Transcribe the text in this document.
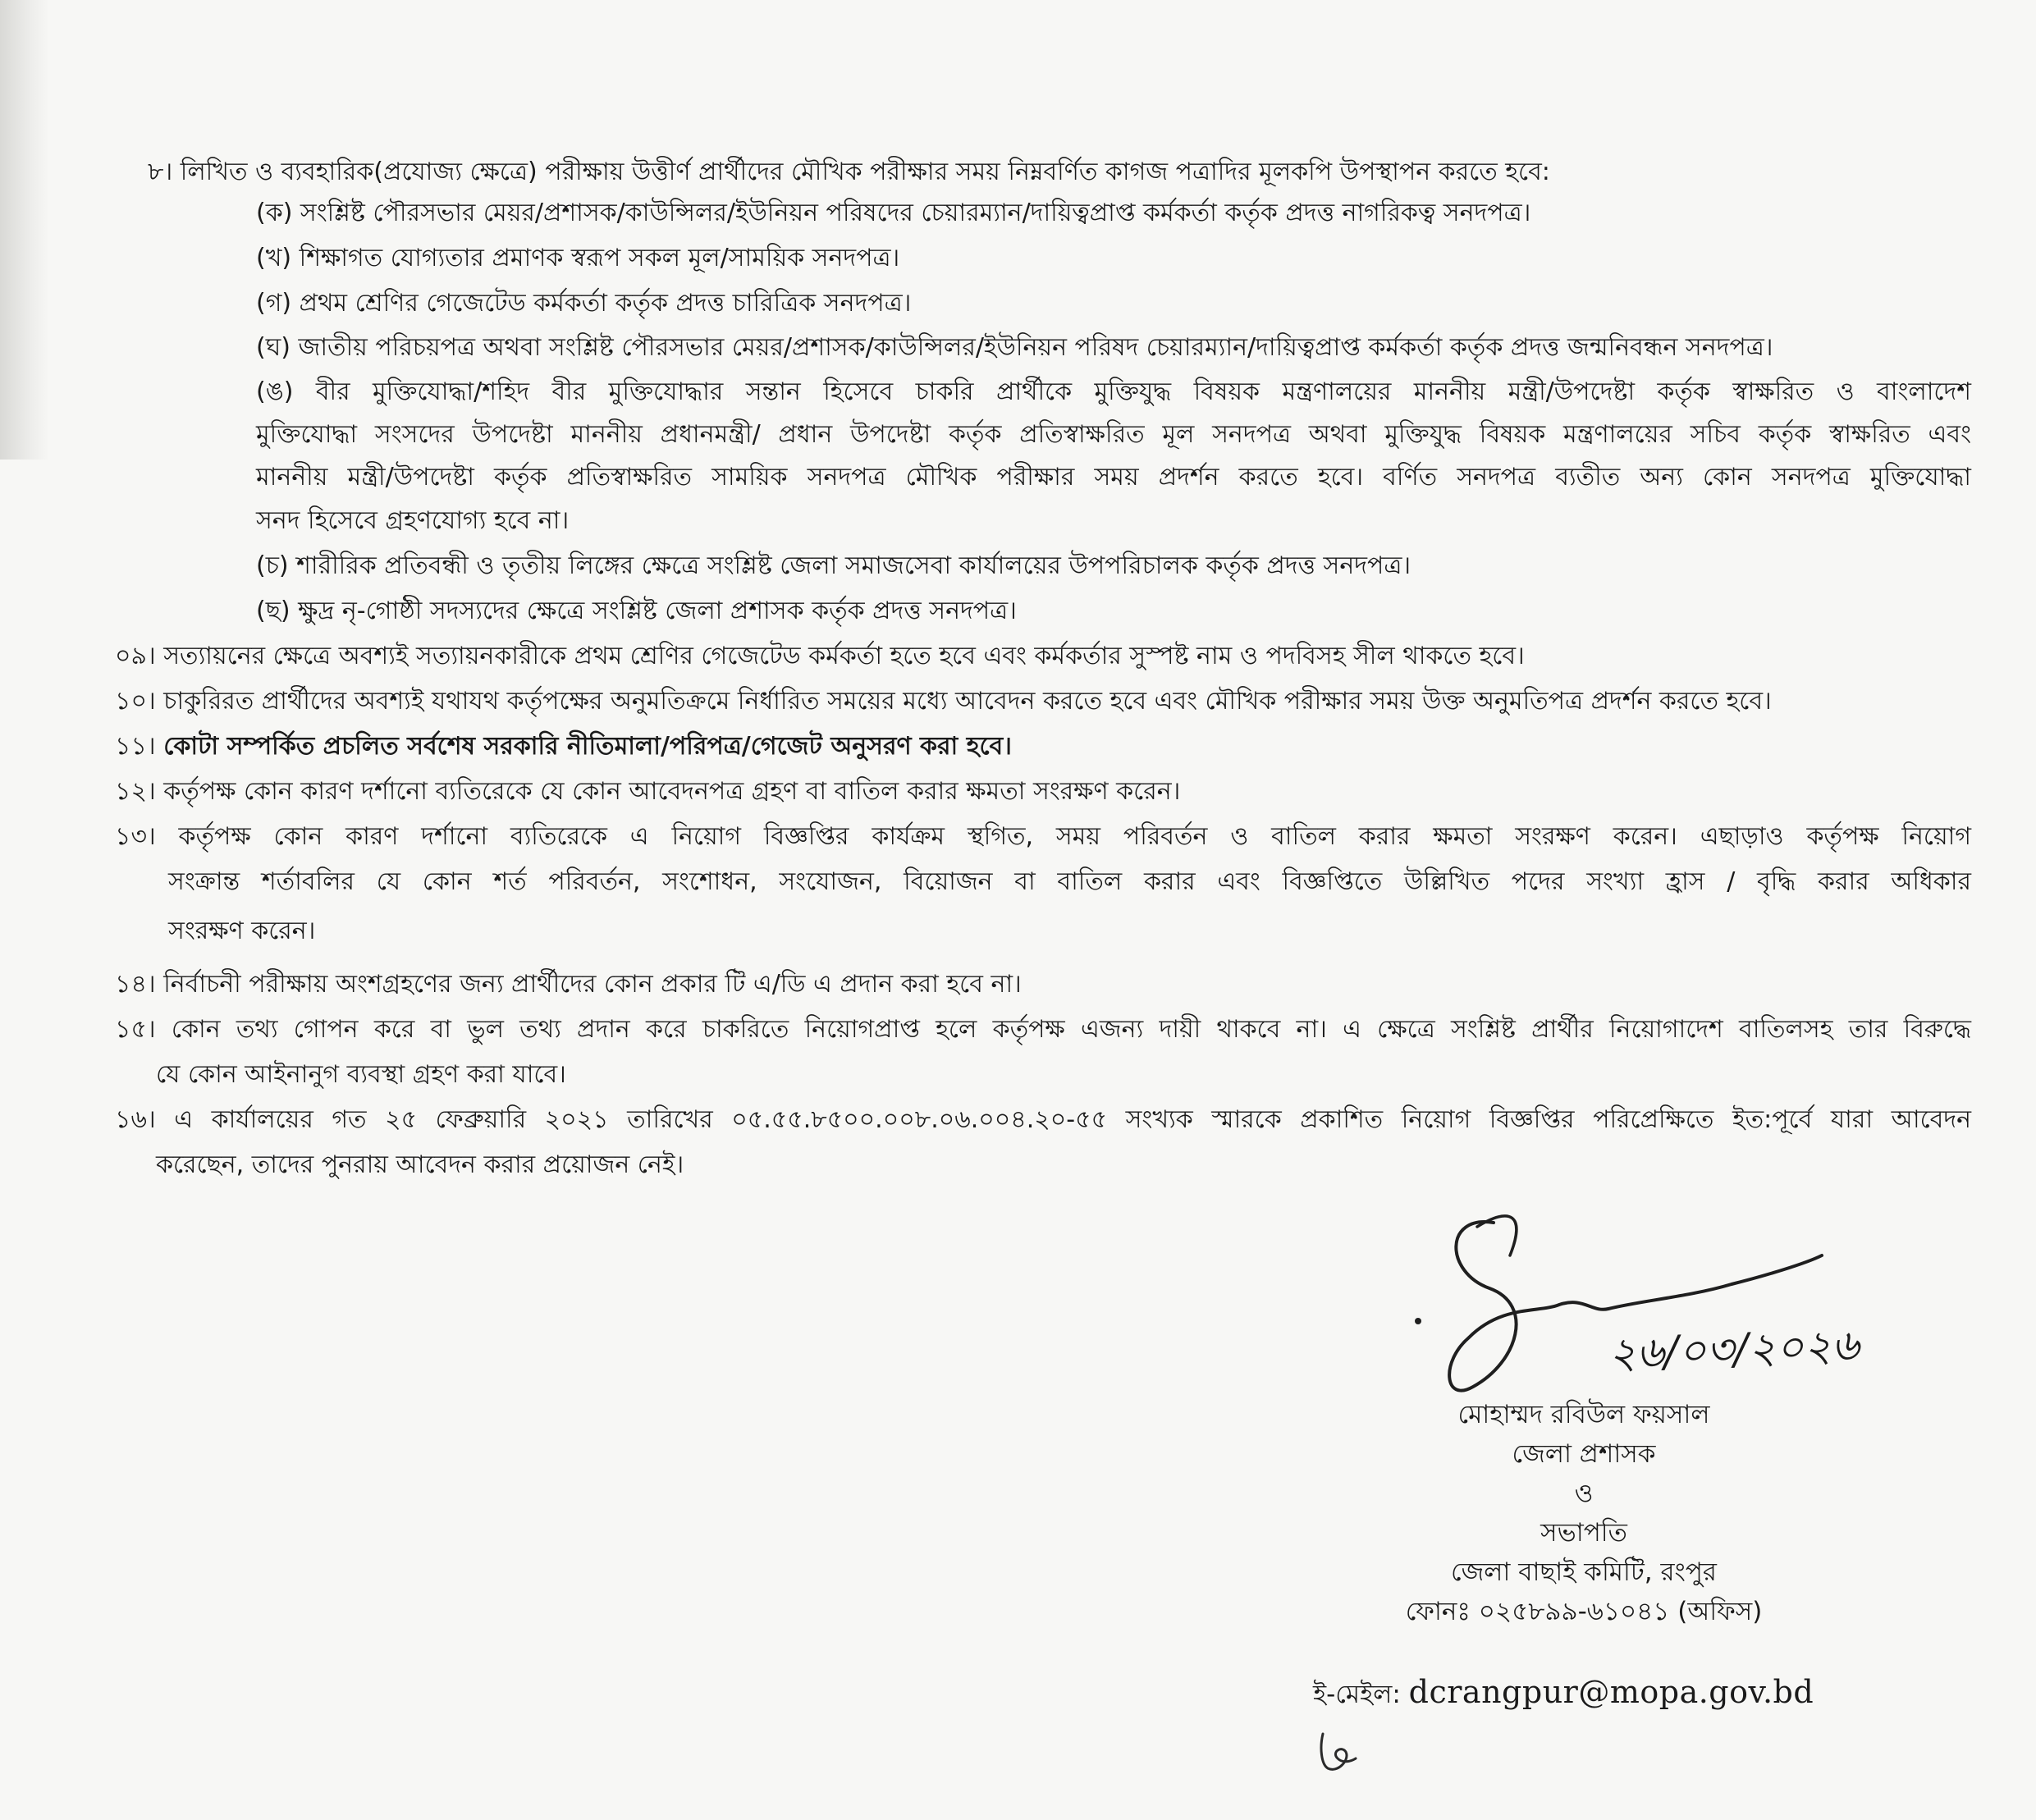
৮। লিখিত ও ব্যবহারিক(প্রযোজ্য ক্ষেত্রে) পরীক্ষায় উত্তীর্ণ প্রার্থীদের মৌখিক পরীক্ষার সময় নিম্নবর্ণিত কাগজ পত্রাদির মূলকপি উপস্থাপন করতে হবে:
(ক) সংশ্লিষ্ট পৌরসভার মেয়র/প্রশাসক/কাউন্সিলর/ইউনিয়ন পরিষদের চেয়ারম্যান/দায়িত্বপ্রাপ্ত কর্মকর্তা কর্তৃক প্রদত্ত নাগরিকত্ব সনদপত্র।
(খ) শিক্ষাগত যোগ্যতার প্রমাণক স্বরূপ সকল মূল/সাময়িক সনদপত্র।
(গ) প্রথম শ্রেণির গেজেটেড কর্মকর্তা কর্তৃক প্রদত্ত চারিত্রিক সনদপত্র।
(ঘ) জাতীয় পরিচয়পত্র অথবা সংশ্লিষ্ট পৌরসভার মেয়র/প্রশাসক/কাউন্সিলর/ইউনিয়ন পরিষদ চেয়ারম্যান/দায়িত্বপ্রাপ্ত কর্মকর্তা কর্তৃক প্রদত্ত জন্মনিবন্ধন সনদপত্র।
(ঙ) বীর মুক্তিযোদ্ধা/শহিদ বীর মুক্তিযোদ্ধার সন্তান হিসেবে চাকরি প্রার্থীকে মুক্তিযুদ্ধ বিষয়ক মন্ত্রণালয়ের মাননীয় মন্ত্রী/উপদেষ্টা কর্তৃক স্বাক্ষরিত ও বাংলাদেশ
মুক্তিযোদ্ধা সংসদের উপদেষ্টা মাননীয় প্রধানমন্ত্রী/ প্রধান উপদেষ্টা কর্তৃক প্রতিস্বাক্ষরিত মূল সনদপত্র অথবা মুক্তিযুদ্ধ বিষয়ক মন্ত্রণালয়ের সচিব কর্তৃক স্বাক্ষরিত এবং
মাননীয় মন্ত্রী/উপদেষ্টা কর্তৃক প্রতিস্বাক্ষরিত সাময়িক সনদপত্র মৌখিক পরীক্ষার সময় প্রদর্শন করতে হবে। বর্ণিত সনদপত্র ব্যতীত অন্য কোন সনদপত্র মুক্তিযোদ্ধা
সনদ হিসেবে গ্রহণযোগ্য হবে না।
(চ) শারীরিক প্রতিবন্ধী ও তৃতীয় লিঙ্গের ক্ষেত্রে সংশ্লিষ্ট জেলা সমাজসেবা কার্যালয়ের উপপরিচালক কর্তৃক প্রদত্ত সনদপত্র।
(ছ) ক্ষুদ্র নৃ-গোষ্ঠী সদস্যদের ক্ষেত্রে সংশ্লিষ্ট জেলা প্রশাসক কর্তৃক প্রদত্ত সনদপত্র।
০৯। সত্যায়নের ক্ষেত্রে অবশ্যই সত্যায়নকারীকে প্রথম শ্রেণির গেজেটেড কর্মকর্তা হতে হবে এবং কর্মকর্তার সুস্পষ্ট নাম ও পদবিসহ সীল থাকতে হবে।
১০। চাকুরিরত প্রার্থীদের অবশ্যই যথাযথ কর্তৃপক্ষের অনুমতিক্রমে নির্ধারিত সময়ের মধ্যে আবেদন করতে হবে এবং মৌখিক পরীক্ষার সময় উক্ত অনুমতিপত্র প্রদর্শন করতে হবে।
১১। কোটা সম্পর্কিত প্রচলিত সর্বশেষ সরকারি নীতিমালা/পরিপত্র/গেজেট অনুসরণ করা হবে।
১২। কর্তৃপক্ষ কোন কারণ দর্শানো ব্যতিরেকে যে কোন আবেদনপত্র গ্রহণ বা বাতিল করার ক্ষমতা সংরক্ষণ করেন।
১৩। কর্তৃপক্ষ কোন কারণ দর্শানো ব্যতিরেকে এ নিয়োগ বিজ্ঞপ্তির কার্যক্রম স্থগিত, সময় পরিবর্তন ও বাতিল করার ক্ষমতা সংরক্ষণ করেন। এছাড়াও কর্তৃপক্ষ নিয়োগ
সংক্রান্ত শর্তাবলির যে কোন শর্ত পরিবর্তন, সংশোধন, সংযোজন, বিয়োজন বা বাতিল করার এবং বিজ্ঞপ্তিতে উল্লিখিত পদের সংখ্যা হ্রাস / বৃদ্ধি করার অধিকার
সংরক্ষণ করেন।
১৪। নির্বাচনী পরীক্ষায় অংশগ্রহণের জন্য প্রার্থীদের কোন প্রকার টি এ/ডি এ প্রদান করা হবে না।
১৫। কোন তথ্য গোপন করে বা ভুল তথ্য প্রদান করে চাকরিতে নিয়োগপ্রাপ্ত হলে কর্তৃপক্ষ এজন্য দায়ী থাকবে না। এ ক্ষেত্রে সংশ্লিষ্ট প্রার্থীর নিয়োগাদেশ বাতিলসহ তার বিরুদ্ধে
যে কোন আইনানুগ ব্যবস্থা গ্রহণ করা যাবে।
১৬। এ কার্যালয়ের গত ২৫ ফেব্রুয়ারি ২০২১ তারিখের ০৫.৫৫.৮৫০০.০০৮.০৬.০০৪.২০-৫৫ সংখ্যক স্মারকে প্রকাশিত নিয়োগ বিজ্ঞপ্তির পরিপ্রেক্ষিতে ইত:পূর্বে যারা আবেদন
করেছেন, তাদের পুনরায় আবেদন করার প্রয়োজন নেই।
২৬/০৩/২০২৬
মোহাম্মদ রবিউল ফয়সাল
জেলা প্রশাসক
ও
সভাপতি
জেলা বাছাই কমিটি, রংপুর
ফোনঃ ০২৫৮৯৯-৬১০৪১ (অফিস)
ই-মেইল: dcrangpur@mopa.gov.bd
